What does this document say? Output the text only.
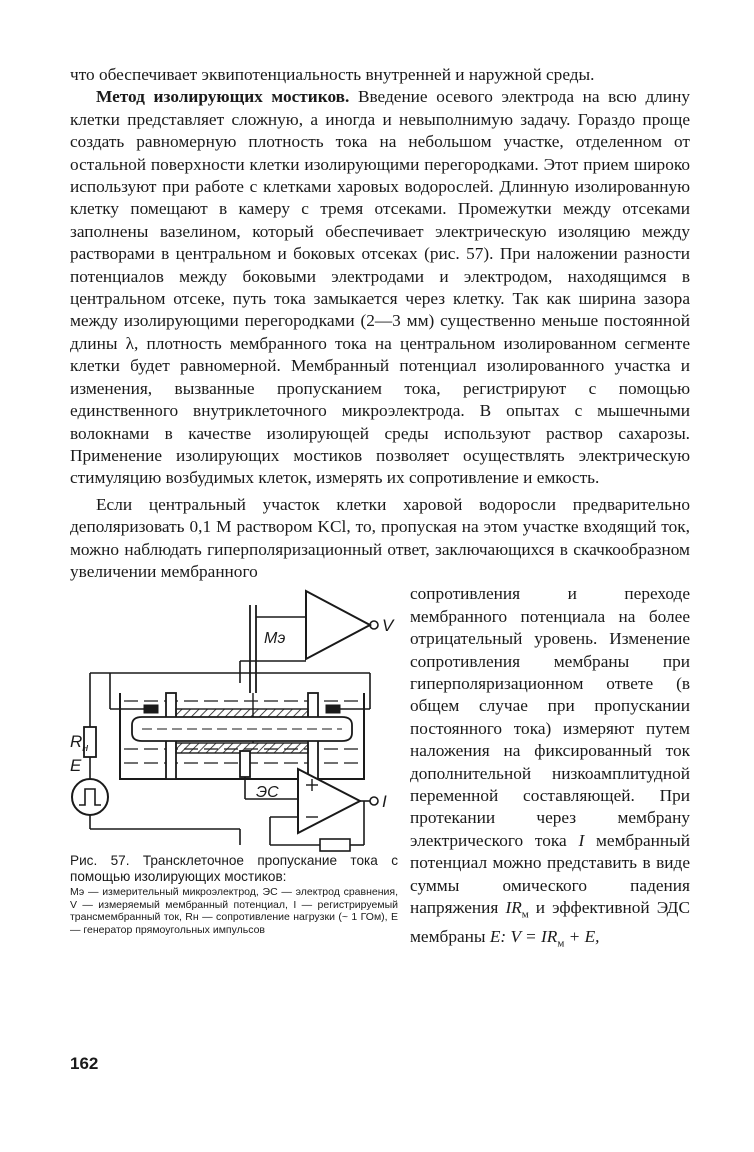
что обеспечивает эквипотенциальность внутренней и наружной среды.

Метод изолирующих мостиков. Введение осевого электрода на всю длину клетки представляет сложную, а иногда и невыполнимую задачу. Гораздо проще создать равномерную плотность тока на небольшом участке, отделенном от остальной поверхности клетки изолирующими перегородками. Этот прием широко используют при работе с клетками харовых водорослей. Длинную изолированную клетку помещают в камеру с тремя отсеками. Промежутки между отсеками заполнены вазелином, который обеспечивает электрическую изоляцию между растворами в центральном и боковых отсеках (рис. 57). При наложении разности потенциалов между боковыми электродами и электродом, находящимся в центральном отсеке, путь тока замыкается через клетку. Так как ширина зазора между изолирующими перегородками (2—3 мм) существенно меньше постоянной длины λ, плотность мембранного тока на центральном изолированном сегменте клетки будет равномерной. Мембранный потенциал изолированного участка и изменения, вызванные пропусканием тока, регистрируют с помощью единственного внутриклеточного микроэлектрода. В опытах с мышечными волокнами в качестве изолирующей среды используют раствор сахарозы. Применение изолирующих мостиков позволяет осуществлять электрическую стимуляцию возбудимых клеток, измерять их сопротивление и емкость.

Если центральный участок клетки харовой водоросли предварительно деполяризовать 0,1 М раствором KCl, то, пропуская на этом участке входящий ток, можно наблюдать гиперполяризационный ответ, заключающихся в скачкообразном увеличении мембранного

Мэ
ЭС
$R_н$
E
V
I
Рис. 57. Трансклеточное пропускание тока с помощью изолирующих мостиков:
Мэ — измерительный микроэлектрод, ЭС — электрод сравнения, V — измеряемый мембранный потенциал, I — регистрируемый трансмембранный ток, Rн — сопротивление нагрузки (~ 1 ГОм), E — генератор прямоугольных импульсов

сопротивления и переходе мембранного потенциала на более отрицательный уровень. Изменение сопротивления мембраны при гиперполяризационном ответе (в общем случае при пропускании постоянного тока) измеряют путем наложения на фиксированный ток дополнительной низкоамплитудной переменной составляющей. При протекании через мембрану электрического тока I мембранный потенциал можно представить в виде суммы омического падения напряжения $IR_м$ и эффективной ЭДС мембраны E: $V = IR_м + E$,

162
